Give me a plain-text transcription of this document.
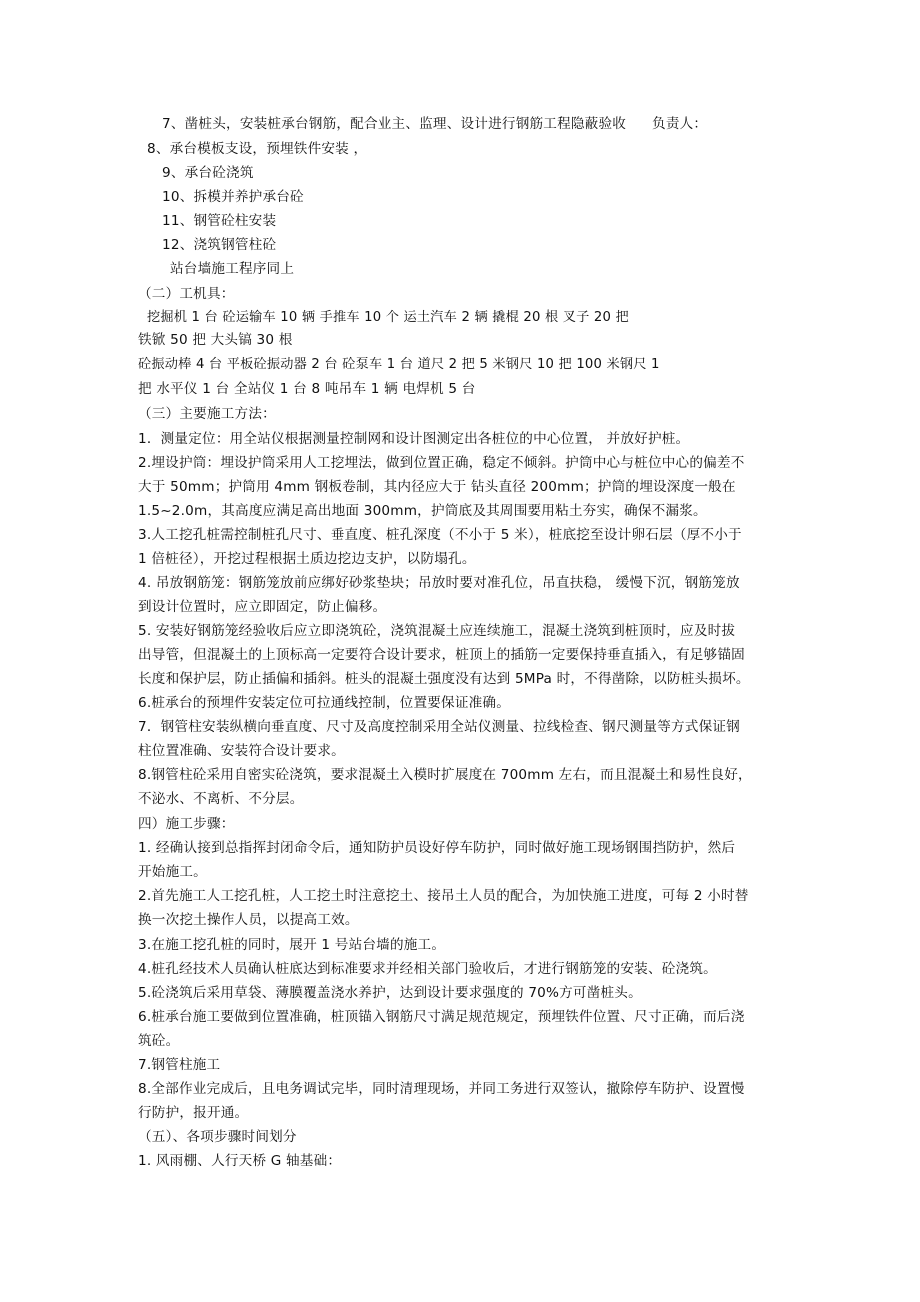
7、凿桩头，安装桩承台钢筋，配合业主、监理、设计进行钢筋工程隐蔽验收 负责人：
8、承台模板支设，预埋铁件安装 ，
9、承台砼浇筑
10、拆模并养护承台砼
11、钢管砼柱安装
12、浇筑钢管柱砼
站台墙施工程序同上
（二）工机具：
挖掘机 1 台 砼运输车 10 辆 手推车 10 个 运土汽车 2 辆 撬棍 20 根 叉子 20 把
铁锨 50 把 大头镐 30 根
砼振动棒 4 台 平板砼振动器 2 台 砼泵车 1 台 道尺 2 把 5 米钢尺 10 把 100 米钢尺 1
把 水平仪 1 台 全站仪 1 台 8 吨吊车 1 辆 电焊机 5 台
（三）主要施工方法：
1．测量定位：用全站仪根据测量控制网和设计图测定出各桩位的中心位置， 并放好护桩。
2.埋设护筒：埋设护筒采用人工挖埋法，做到位置正确，稳定不倾斜。护筒中心与桩位中心的偏差不
大于 50mm；护筒用 4mm 钢板卷制，其内径应大于 钻头直径 200mm；护筒的埋设深度一般在
1.5~2.0m，其高度应满足高出地面 300mm，护筒底及其周围要用粘土夯实，确保不漏浆。
3.人工挖孔桩需控制桩孔尺寸、垂直度、桩孔深度（不小于 5 米），桩底挖至设计卵石层（厚不小于
1 倍桩径），开挖过程根据土质边挖边支护，以防塌孔。
4. 吊放钢筋笼：钢筋笼放前应绑好砂浆垫块；吊放时要对准孔位，吊直扶稳， 缓慢下沉，钢筋笼放
到设计位置时，应立即固定，防止偏移。
5. 安装好钢筋笼经验收后应立即浇筑砼，浇筑混凝土应连续施工，混凝土浇筑到桩顶时，应及时拔
出导管，但混凝土的上顶标高一定要符合设计要求，桩顶上的插筋一定要保持垂直插入，有足够锚固
长度和保护层，防止插偏和插斜。桩头的混凝土强度没有达到 5MPa 时，不得凿除，以防桩头损坏。
6.桩承台的预埋件安装定位可拉通线控制，位置要保证准确。
7．钢管柱安装纵横向垂直度、尺寸及高度控制采用全站仪测量、拉线检查、钢尺测量等方式保证钢
柱位置准确、安装符合设计要求。
8.钢管柱砼采用自密实砼浇筑，要求混凝土入模时扩展度在 700mm 左右，而且混凝土和易性良好，
不泌水、不离析、不分层。
四）施工步骤：
1. 经确认接到总指挥封闭命令后，通知防护员设好停车防护，同时做好施工现场钢围挡防护，然后
开始施工。
2.首先施工人工挖孔桩，人工挖土时注意挖土、接吊土人员的配合，为加快施工进度，可每 2 小时替
换一次挖土操作人员，以提高工效。
3.在施工挖孔桩的同时，展开 1 号站台墙的施工。
4.桩孔经技术人员确认桩底达到标准要求并经相关部门验收后，才进行钢筋笼的安装、砼浇筑。
5.砼浇筑后采用草袋、薄膜覆盖浇水养护，达到设计要求强度的 70%方可凿桩头。
6.桩承台施工要做到位置准确，桩顶锚入钢筋尺寸满足规范规定，预埋铁件位置、尺寸正确，而后浇
筑砼。
7.钢管柱施工
8.全部作业完成后，且电务调试完毕，同时清理现场，并同工务进行双签认，撤除停车防护、设置慢
行防护，报开通。
（五）、各项步骤时间划分
1. 风雨棚、人行天桥 G 轴基础：
